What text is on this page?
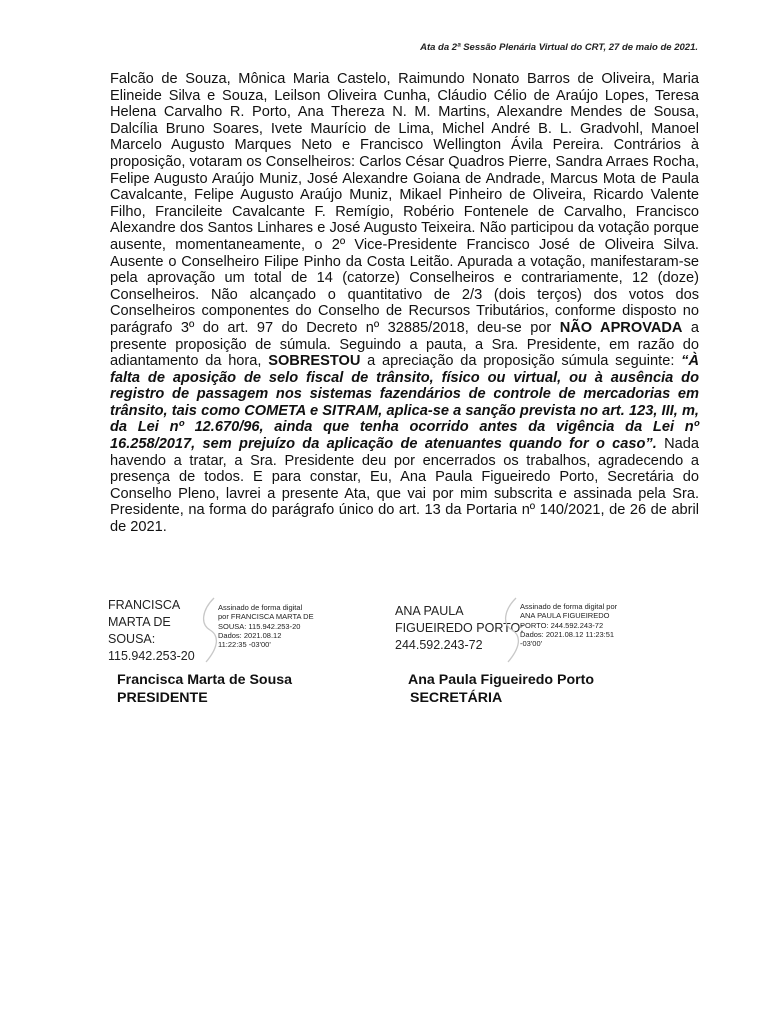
Ata da 2ª Sessão Plenária Virtual do CRT, 27 de maio de 2021.

Falcão de Souza, Mônica Maria Castelo, Raimundo Nonato Barros de Oliveira, Maria Elineide Silva e Souza, Leilson Oliveira Cunha, Cláudio Célio de Araújo Lopes, Teresa Helena Carvalho R. Porto, Ana Thereza N. M. Martins, Alexandre Mendes de Sousa, Dalcília Bruno Soares, Ivete Maurício de Lima, Michel André B. L. Gradvohl, Manoel Marcelo Augusto Marques Neto e Francisco Wellington Ávila Pereira. Contrários à proposição, votaram os Conselheiros: Carlos César Quadros Pierre, Sandra Arraes Rocha, Felipe Augusto Araújo Muniz, José Alexandre Goiana de Andrade, Marcus Mota de Paula Cavalcante, Felipe Augusto Araújo Muniz, Mikael Pinheiro de Oliveira, Ricardo Valente Filho, Francileite Cavalcante F. Remígio, Robério Fontenele de Carvalho, Francisco Alexandre dos Santos Linhares e José Augusto Teixeira. Não participou da votação porque ausente, momentaneamente, o 2º Vice-Presidente Francisco José de Oliveira Silva. Ausente o Conselheiro Filipe Pinho da Costa Leitão. Apurada a votação, manifestaram-se pela aprovação um total de 14 (catorze) Conselheiros e contrariamente, 12 (doze) Conselheiros. Não alcançado o quantitativo de 2/3 (dois terços) dos votos dos Conselheiros componentes do Conselho de Recursos Tributários, conforme disposto no parágrafo 3º do art. 97 do Decreto nº 32885/2018, deu-se por NÃO APROVADA a presente proposição de súmula. Seguindo a pauta, a Sra. Presidente, em razão do adiantamento da hora, SOBRESTOU a apreciação da proposição súmula seguinte: “À falta de aposição de selo fiscal de trânsito, físico ou virtual, ou à ausência do registro de passagem nos sistemas fazendários de controle de mercadorias em trânsito, tais como COMETA e SITRAM, aplica-se a sanção prevista no art. 123, III, m, da Lei nº 12.670/96, ainda que tenha ocorrido antes da vigência da Lei nº 16.258/2017, sem prejuízo da aplicação de atenuantes quando for o caso”. Nada havendo a tratar, a Sra. Presidente deu por encerrados os trabalhos, agradecendo a presença de todos. E para constar, Eu, Ana Paula Figueiredo Porto, Secretária do Conselho Pleno, lavrei a presente Ata, que vai por mim subscrita e assinada pela Sra. Presidente, na forma do parágrafo único do art. 13 da Portaria nº 140/2021, de 26 de abril de 2021.

FRANCISCA
MARTA DE
SOUSA:
115.942.253-20
Assinado de forma digital
por FRANCISCA MARTA DE
SOUSA: 115.942.253-20
Dados: 2021.08.12
11:22:35 -03'00'
ANA PAULA
FIGUEIREDO PORTO:
244.592.243-72
Assinado de forma digital por
ANA PAULA FIGUEIREDO
PORTO: 244.592.243-72
Dados: 2021.08.12 11:23:51
-03'00'
Francisca Marta de Sousa
PRESIDENTE
Ana Paula Figueiredo Porto
SECRETÁRIA
